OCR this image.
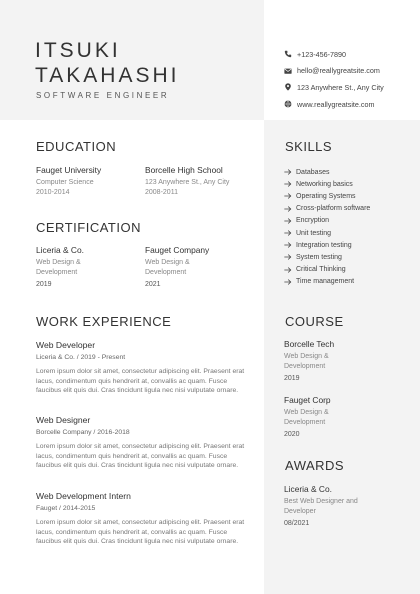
ITSUKI
TAKAHASHI
SOFTWARE ENGINEER
+123-456-7890
hello@reallygreatsite.com
123 Anywhere St., Any City
www.reallygreatsite.com
EDUCATION
Fauget University
Computer Science
2010-2014
Borcelle High School
123 Anywhere St., Any City
2008-2011
CERTIFICATION
Liceria & Co.
Web Design &
Development
2019
Fauget Company
Web Design &
Development
2021
WORK EXPERIENCE
Web Developer
Liceria & Co. / 2019 - Present
Lorem ipsum dolor sit amet, consectetur adipiscing elit. Praesent erat lacus, condimentum quis hendrerit at, convallis ac quam. Fusce faucibus elit quis dui. Cras tincidunt ligula nec nisi vulputate ornare.
Web Designer
Borcelle Company / 2016-2018
Lorem ipsum dolor sit amet, consectetur adipiscing elit. Praesent erat lacus, condimentum quis hendrerit at, convallis ac quam. Fusce faucibus elit quis dui. Cras tincidunt ligula nec nisi vulputate ornare.
Web Development Intern
Fauget / 2014-2015
Lorem ipsum dolor sit amet, consectetur adipiscing elit. Praesent erat lacus, condimentum quis hendrerit at, convallis ac quam. Fusce faucibus elit quis dui. Cras tincidunt ligula nec nisi vulputate ornare.
SKILLS
Databases
Networking basics
Operating Systems
Cross-platform software
Encryption
Unit testing
Integration testing
System testing
Critical Thinking
Time management
COURSE
Borcelle Tech
Web Design &
Development
2019
Fauget Corp
Web Design &
Development
2020
AWARDS
Liceria & Co.
Best Web Designer and
Developer
08/2021
